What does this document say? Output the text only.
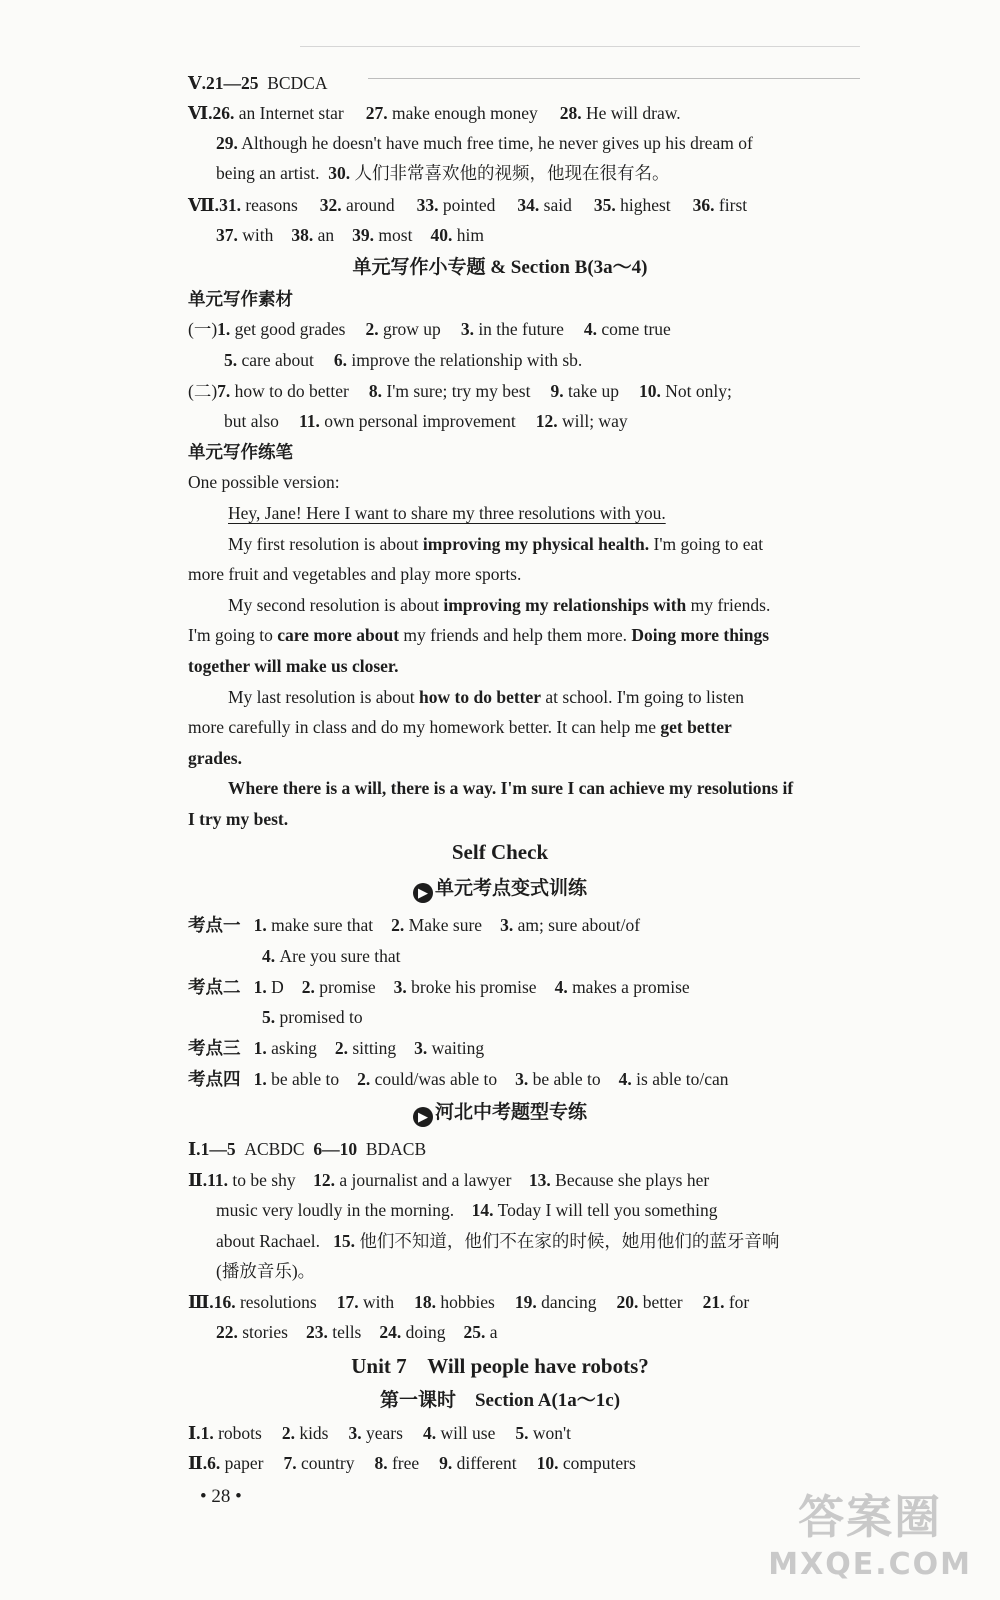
Ⅴ.21—25 BCDCA
Ⅵ.26. an Internet star 27. make enough money 28. He will draw.
29. Although he doesn't have much free time, he never gives up his dream of
being an artist. 30. 人们非常喜欢他的视频，他现在很有名。
Ⅶ.31. reasons 32. around 33. pointed 34. said 35. highest 36. first
37. with 38. an 39. most 40. him
单元写作小专题 & Section B(3a～4)
单元写作素材
(一)1. get good grades 2. grow up 3. in the future 4. come true
5. care about 6. improve the relationship with sb.
(二)7. how to do better 8. I'm sure; try my best 9. take up 10. Not only;
but also 11. own personal improvement 12. will; way
单元写作练笔
One possible version:
Hey, Jane! Here I want to share my three resolutions with you.
My first resolution is about improving my physical health. I'm going to eat
more fruit and vegetables and play more sports.
My second resolution is about improving my relationships with my friends.
I'm going to care more about my friends and help them more. Doing more things
together will make us closer.
My last resolution is about how to do better at school. I'm going to listen
more carefully in class and do my homework better. It can help me get better
grades.
Where there is a will, there is a way. I'm sure I can achieve my resolutions if
I try my best.
Self Check
▶ 单元考点变式训练
考点一 1. make sure that 2. Make sure 3. am; sure about/of
4. Are you sure that
考点二 1. D 2. promise 3. broke his promise 4. makes a promise
5. promised to
考点三 1. asking 2. sitting 3. waiting
考点四 1. be able to 2. could/was able to 3. be able to 4. is able to/can
▶ 河北中考题型专练
Ⅰ.1—5 ACBDC 6—10 BDACB
Ⅱ.11. to be shy 12. a journalist and a lawyer 13. Because she plays her
music very loudly in the morning. 14. Today I will tell you something
about Rachael. 15. 他们不知道，他们不在家的时候，她用他们的蓝牙音响
(播放音乐)。
Ⅲ.16. resolutions 17. with 18. hobbies 19. dancing 20. better 21. for
22. stories 23. tells 24. doing 25. a
Unit 7    Will people have robots?
第一课时    Section A(1a～1c)
Ⅰ.1. robots 2. kids 3. years 4. will use 5. won't
Ⅱ.6. paper 7. country 8. free 9. different 10. computers
• 28 •	答案圈
MXQE.COM
